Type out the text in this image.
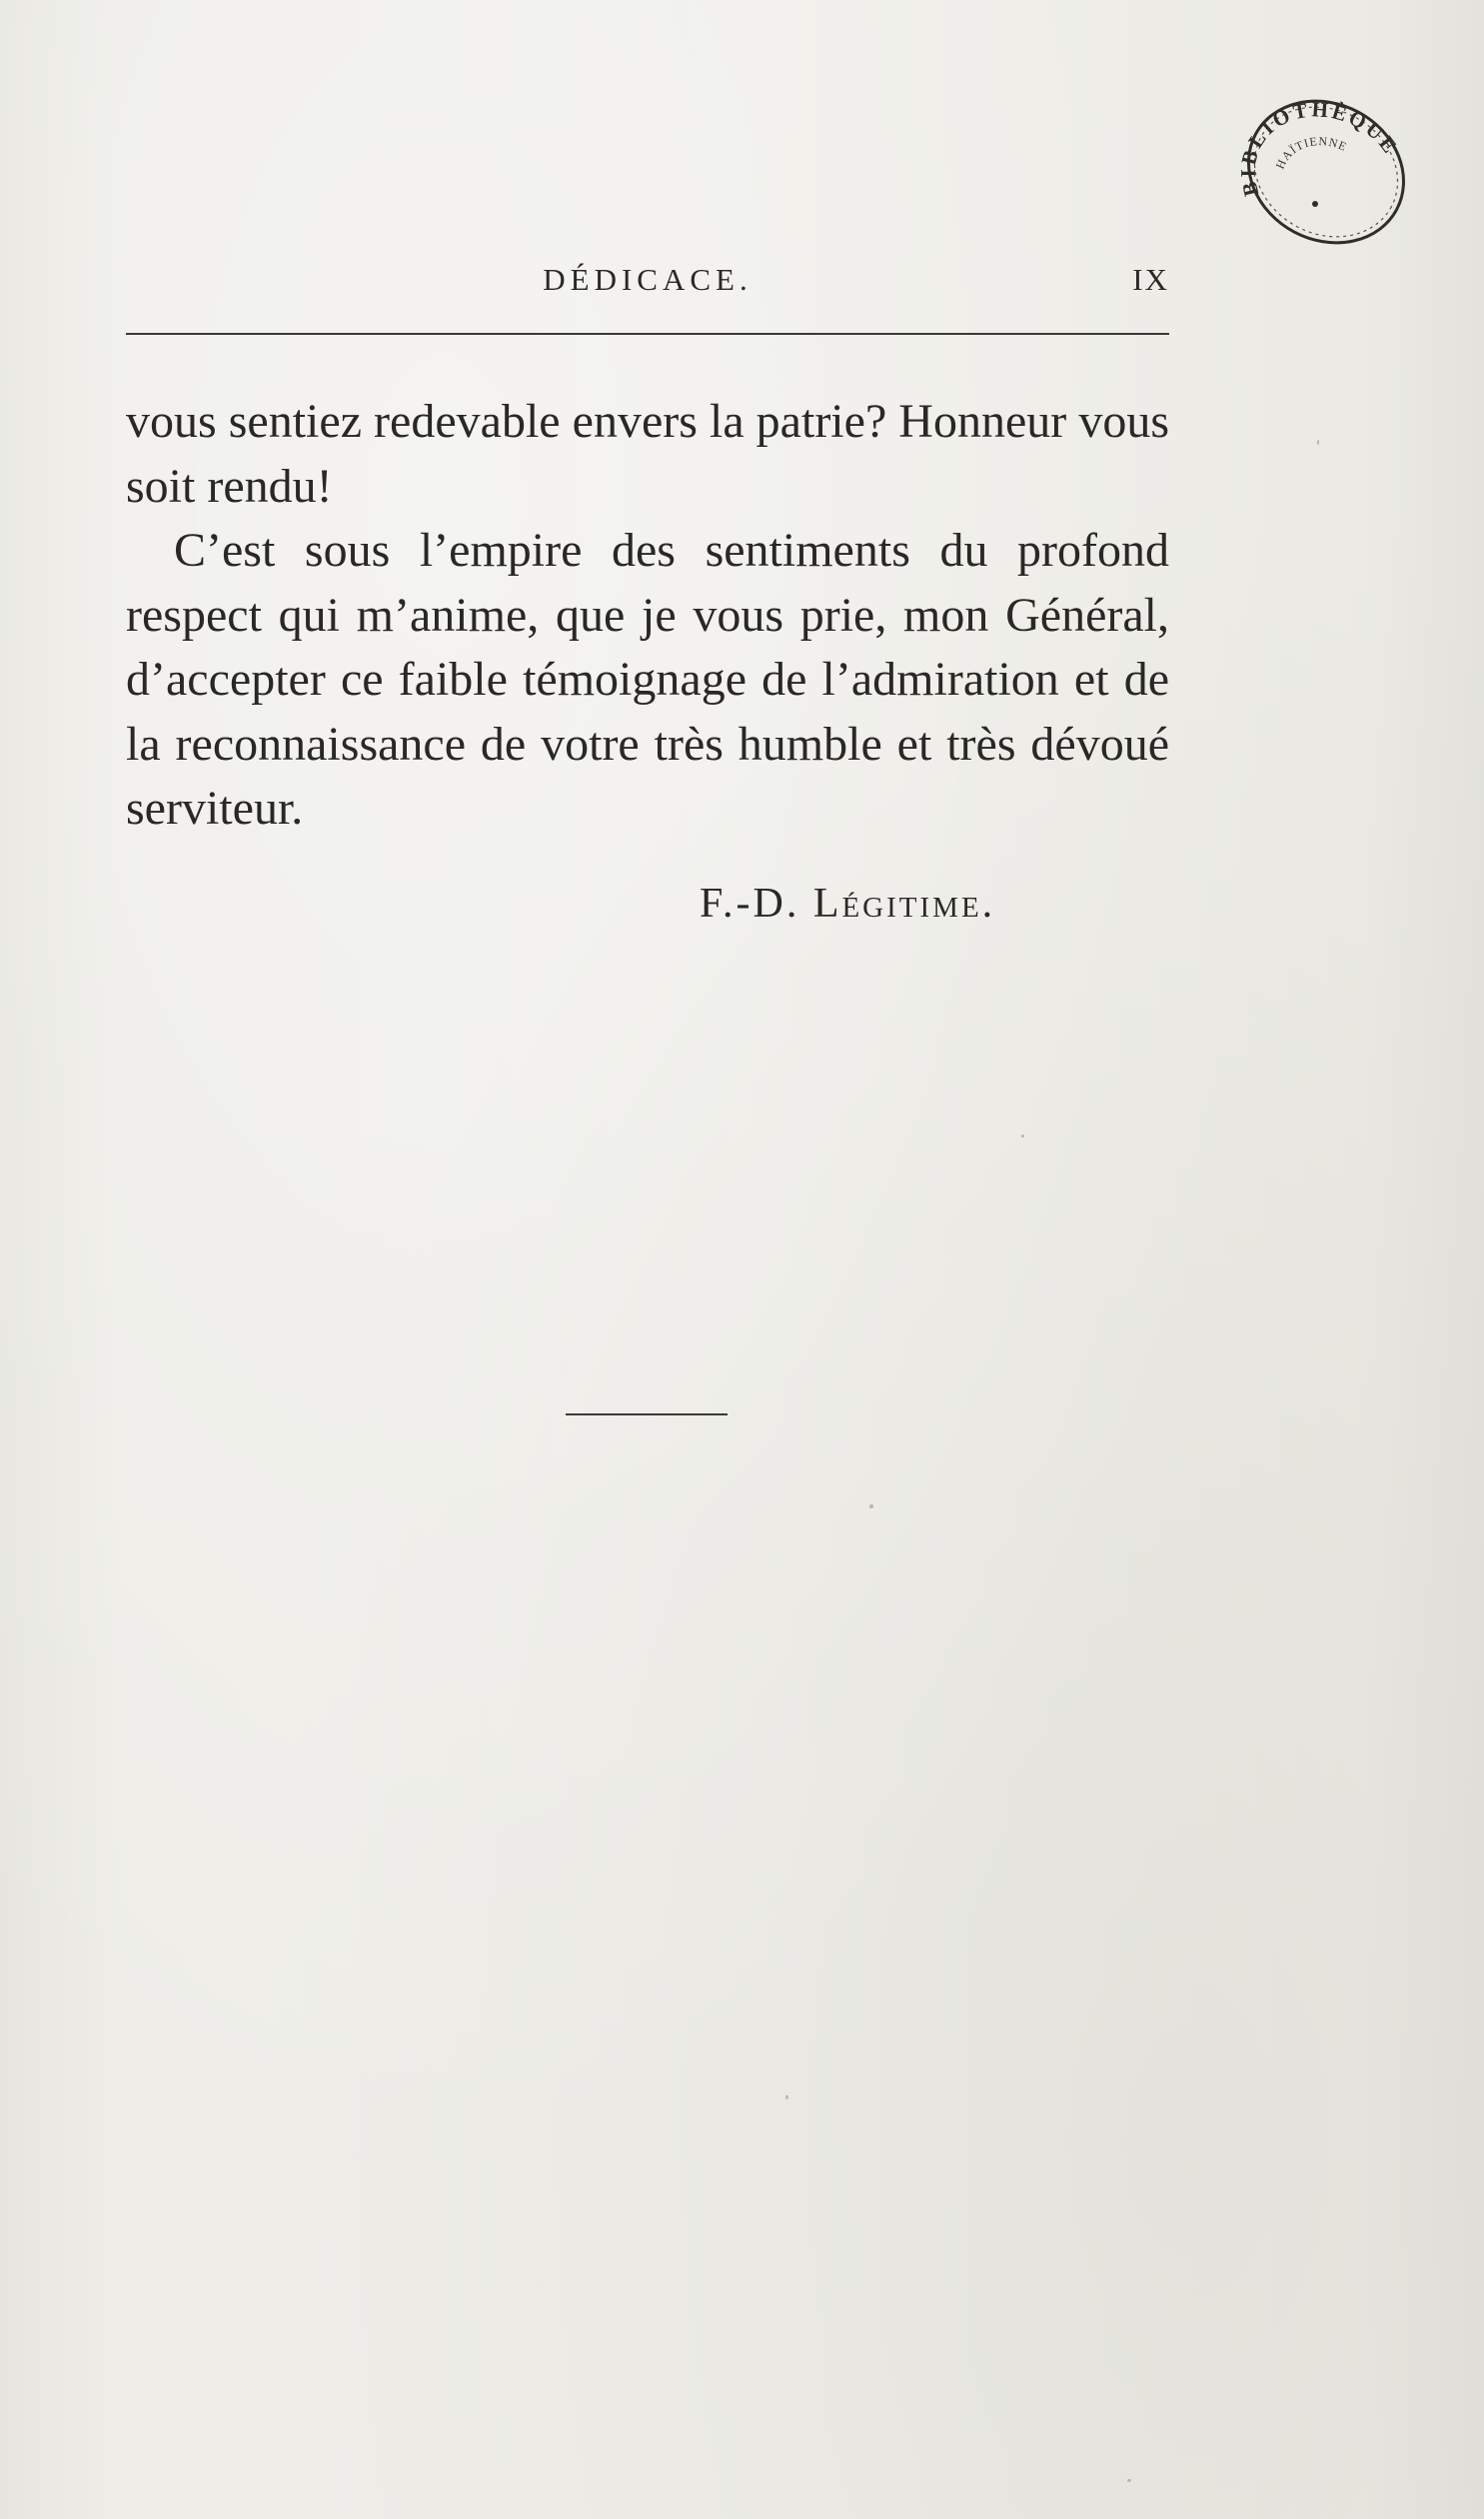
BIBLIOTHÈQUE
HAÏTIENNE
DÉDICACE.	IX

vous sentiez redevable envers la patrie? Honneur vous soit rendu!

C’est sous l’empire des sentiments du profond respect qui m’anime, que je vous prie, mon Général, d’accepter ce faible témoignage de l’admiration et de la reconnaissance de votre très humble et très dévoué serviteur.

F.-D. Légitime.
